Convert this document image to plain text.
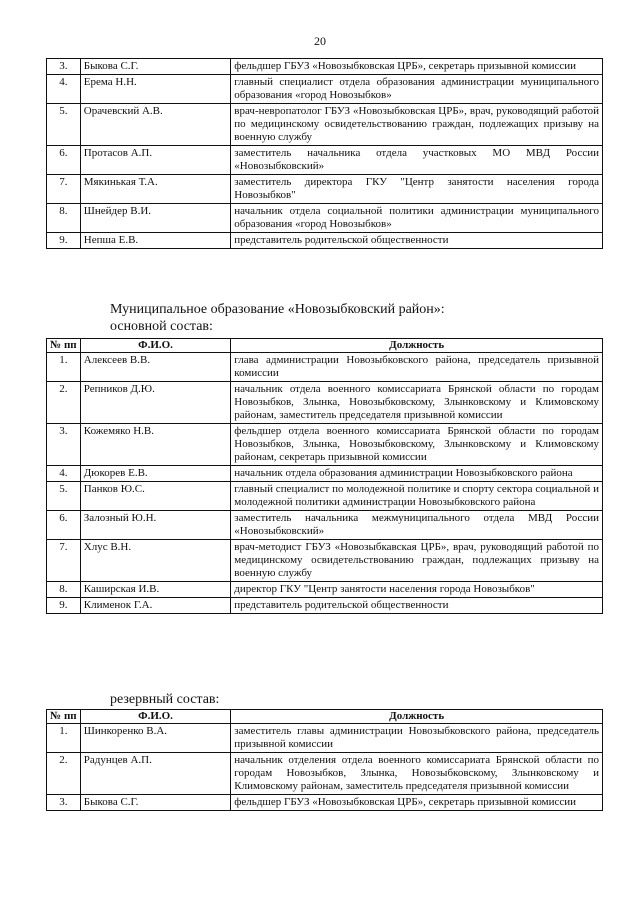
20
3.	Быкова С.Г.	фельдшер ГБУЗ «Новозыбковская ЦРБ», секретарь призывной комиссии
4.	Ерема Н.Н.	главный специалист отдела образования администрации муниципального образования «город Новозыбков»
5.	Орачевский А.В.	врач-невропатолог ГБУЗ «Новозыбковская ЦРБ», врач, руководящий работой по медицинскому освидетельствованию граждан, подлежащих призыву на военную службу
6.	Протасов А.П.	заместитель начальника отдела участковых МО МВД России «Новозыбковский»
7.	Мякинькая Т.А.	заместитель директора ГКУ "Центр занятости населения города Новозыбков"
8.	Шнейдер В.И.	начальник отдела социальной политики администрации муниципального образования «город Новозыбков»
9.	Непша Е.В.	представитель родительской общественности
Муниципальное образование «Новозыбковский район»:
основной состав:
№ пп	Ф.И.О.	Должность
1.	Алексеев В.В.	глава администрации Новозыбковского района, председатель призывной комиссии
2.	Репников Д.Ю.	начальник отдела военного комиссариата Брянской области по городам Новозыбков, Злынка, Новозыбковскому, Злынковскому и Климовскому районам, заместитель председателя призывной комиссии
3.	Кожемяко Н.В.	фельдшер отдела военного комиссариата Брянской области по городам Новозыбков, Злынка, Новозыбковскому, Злынковскому и Климовскому районам, секретарь призывной комиссии
4.	Дюкорев Е.В.	начальник отдела образования администрации Новозыбковского района
5.	Панков Ю.С.	главный специалист по молодежной политике и спорту сектора социальной и молодежной политики администрации Новозыбковского района
6.	Залозный Ю.Н.	заместитель начальника межмуниципального отдела МВД России «Новозыбковский»
7.	Хлус В.Н.	врач-методист ГБУЗ «Новозыбкавская ЦРБ», врач, руководящий работой по медицинскому освидетельствованию граждан, подлежащих призыву на военную службу
8.	Каширская И.В.	директор ГКУ "Центр занятости населения города Новозыбков"
9.	Клименок Г.А.	представитель родительской общественности
резервный состав:
№ пп	Ф.И.О.	Должность
1.	Шинкоренко В.А.	заместитель главы администрации Новозыбковского района, председатель призывной комиссии
2.	Радунцев А.П.	начальник отделения отдела военного комиссариата Брянской области по городам Новозыбков, Злынка, Новозыбковскому, Злынковскому и Климовскому районам, заместитель председателя призывной комиссии
3.	Быкова С.Г.	фельдшер ГБУЗ «Новозыбковская ЦРБ», секретарь призывной комиссии
